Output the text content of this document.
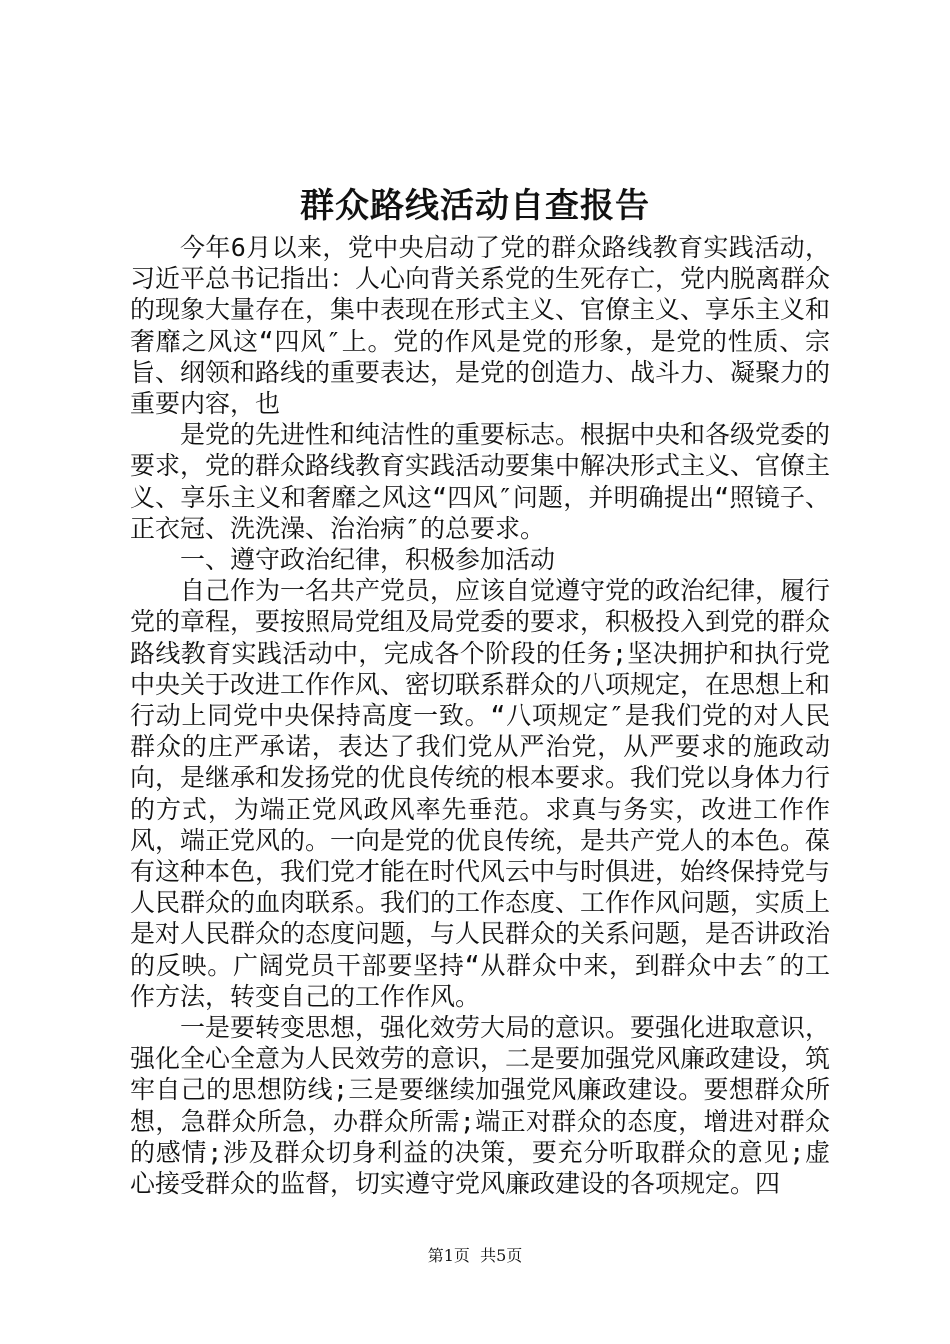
群众路线活动自查报告

今年6月以来，党中央启动了党的群众路线教育实践活动，习近平总书记指出：人心向背关系党的生死存亡，党内脱离群众的现象大量存在，集中表现在形式主义、官僚主义、享乐主义和奢靡之风这“四风″上。党的作风是党的形象，是党的性质、宗旨、纲领和路线的重要表达，是党的创造力、战斗力、凝聚力的重要内容，也

是党的先进性和纯洁性的重要标志。根据中央和各级党委的要求，党的群众路线教育实践活动要集中解决形式主义、官僚主义、享乐主义和奢靡之风这“四风″问题，并明确提出“照镜子、正衣冠、洗洗澡、治治病″的总要求。

一、遵守政治纪律，积极参加活动

自己作为一名共产党员，应该自觉遵守党的政治纪律，履行党的章程，要按照局党组及局党委的要求，积极投入到党的群众路线教育实践活动中，完成各个阶段的任务;坚决拥护和执行党中央关于改进工作作风、密切联系群众的八项规定，在思想上和行动上同党中央保持高度一致。“八项规定″是我们党的对人民群众的庄严承诺，表达了我们党从严治党，从严要求的施政动向，是继承和发扬党的优良传统的根本要求。我们党以身体力行的方式，为端正党风政风率先垂范。求真与务实，改进工作作风，端正党风的。一向是党的优良传统，是共产党人的本色。葆有这种本色，我们党才能在时代风云中与时俱进，始终保持党与人民群众的血肉联系。我们的工作态度、工作作风问题，实质上是对人民群众的态度问题，与人民群众的关系问题，是否讲政治的反映。广阔党员干部要坚持“从群众中来，到群众中去″的工作方法，转变自己的工作作风。

一是要转变思想，强化效劳大局的意识。要强化进取意识，强化全心全意为人民效劳的意识，二是要加强党风廉政建设，筑牢自己的思想防线;三是要继续加强党风廉政建设。要想群众所想，急群众所急，办群众所需;端正对群众的态度，增进对群众的感情;涉及群众切身利益的决策，要充分听取群众的意见;虚心接受群众的监督，切实遵守党风廉政建设的各项规定。四

第1页 共5页
